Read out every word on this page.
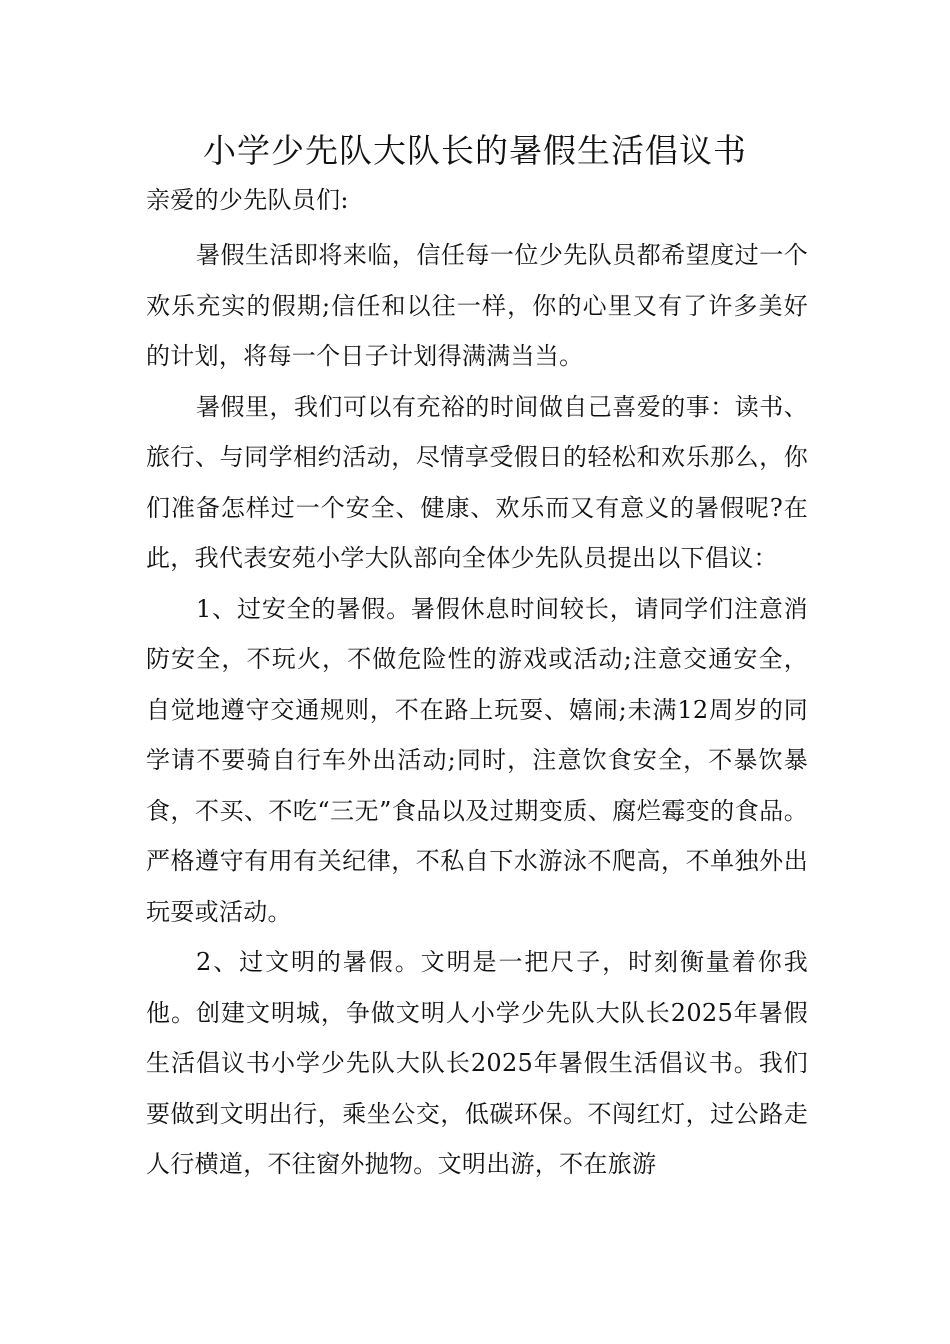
小学少先队大队长的暑假生活倡议书

亲爱的少先队员们:

暑假生活即将来临，信任每一位少先队员都希望度过一个欢乐充实的假期;信任和以往一样，你的心里又有了许多美好的计划，将每一个日子计划得满满当当。

暑假里，我们可以有充裕的时间做自己喜爱的事：读书、旅行、与同学相约活动，尽情享受假日的轻松和欢乐那么，你们准备怎样过一个安全、健康、欢乐而又有意义的暑假呢?在此，我代表安苑小学大队部向全体少先队员提出以下倡议：

1、过安全的暑假。暑假休息时间较长，请同学们注意消防安全，不玩火，不做危险性的游戏或活动;注意交通安全，自觉地遵守交通规则，不在路上玩耍、嬉闹;未满12周岁的同学请不要骑自行车外出活动;同时，注意饮食安全，不暴饮暴食，不买、不吃“三无”食品以及过期变质、腐烂霉变的食品。严格遵守有用有关纪律，不私自下水游泳不爬高，不单独外出玩耍或活动。

2、过文明的暑假。文明是一把尺子，时刻衡量着你我他。创建文明城，争做文明人小学少先队大队长2025年暑假生活倡议书小学少先队大队长2025年暑假生活倡议书。我们要做到文明出行，乘坐公交，低碳环保。不闯红灯，过公路走人行横道，不往窗外抛物。文明出游，不在旅游
